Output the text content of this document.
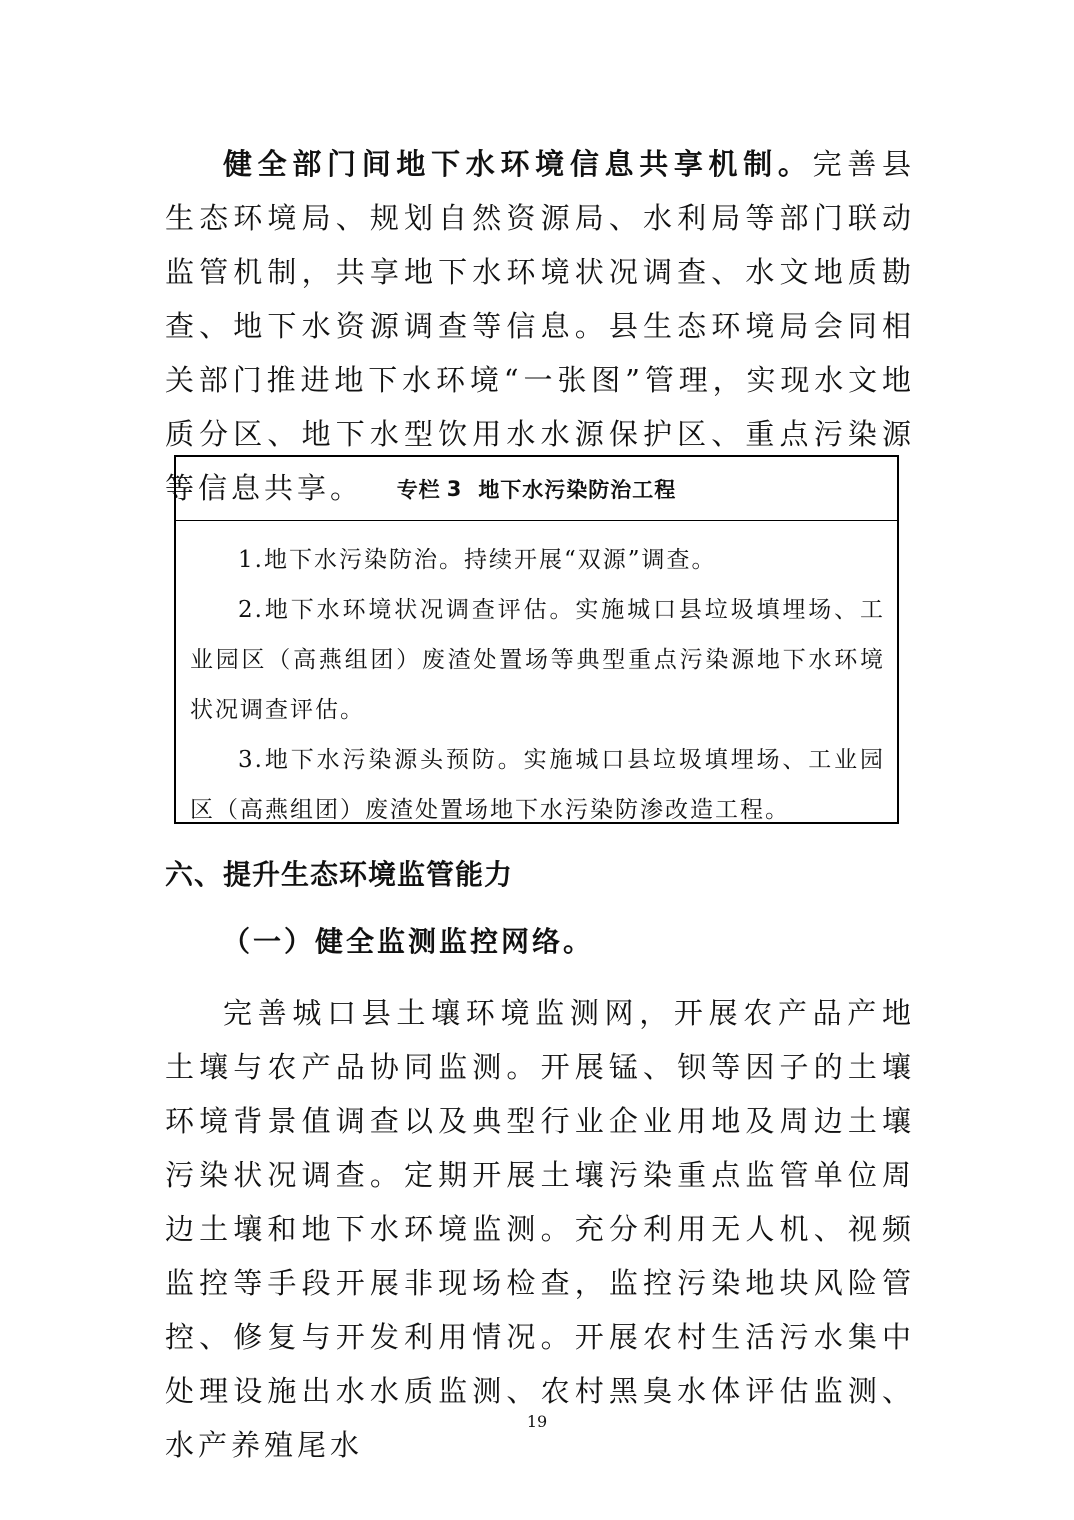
健全部门间地下水环境信息共享机制。完善县生态环境局、规划自然资源局、水利局等部门联动监管机制，共享地下水环境状况调查、水文地质勘查、地下水资源调查等信息。县生态环境局会同相关部门推进地下水环境“一张图”管理，实现水文地质分区、地下水型饮用水水源保护区、重点污染源等信息共享。	专栏 3 地下水污染防治工程

1.地下水污染防治。持续开展“双源”调查。

2.地下水环境状况调查评估。实施城口县垃圾填埋场、工业园区（高燕组团）废渣处置场等典型重点污染源地下水环境状况调查评估。

3.地下水污染源头预防。实施城口县垃圾填埋场、工业园区（高燕组团）废渣处置场地下水污染防渗改造工程。

六、提升生态环境监管能力
（一）健全监测监控网络。

完善城口县土壤环境监测网，开展农产品产地土壤与农产品协同监测。开展锰、钡等因子的土壤环境背景值调查以及典型行业企业用地及周边土壤污染状况调查。定期开展土壤污染重点监管单位周边土壤和地下水环境监测。充分利用无人机、视频监控等手段开展非现场检查，监控污染地块风险管控、修复与开发利用情况。开展农村生活污水集中处理设施出水水质监测、农村黑臭水体评估监测、水产养殖尾水

19
